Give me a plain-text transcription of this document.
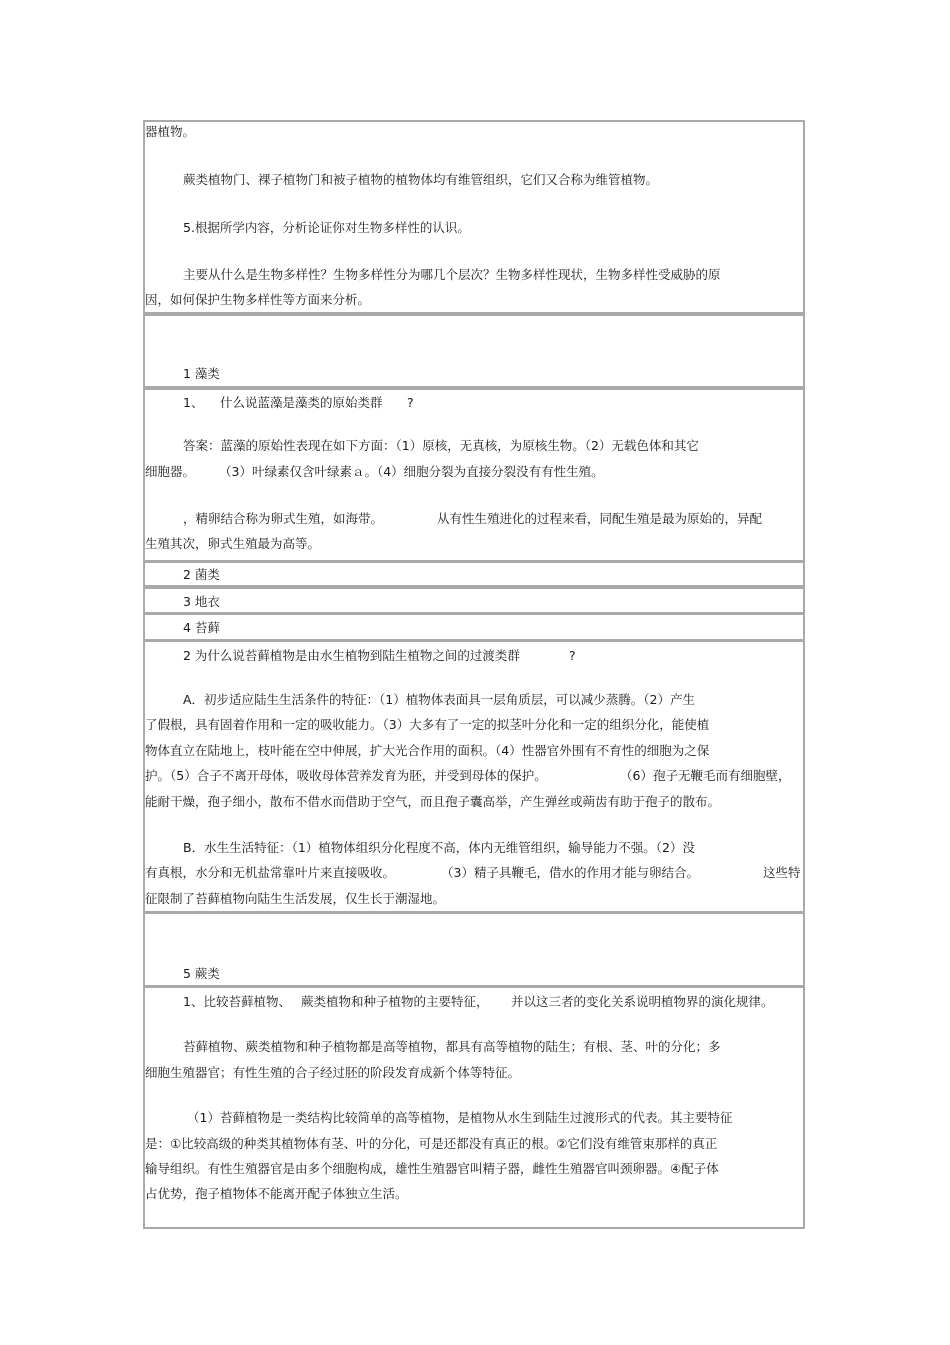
器植物。
蕨类植物门、裸子植物门和被子植物的植物体均有维管组织，它们又合称为维管植物。
5.根据所学内容，分析论证你对生物多样性的认识。
主要从什么是生物多样性？生物多样性分为哪几个层次？生物多样性现状，生物多样性受威胁的原
因，如何保护生物多样性等方面来分析。
1 藻类
1、 什么说蓝藻是藻类的原始类群 ?
答案：蓝藻的原始性表现在如下方面：（1）原核，无真核，为原核生物。（2）无载色体和其它
细胞器。 （3）叶绿素仅含叶绿素ａ。（4）细胞分裂为直接分裂没有有性生殖。
，精卵结合称为卵式生殖，如海带。	从有性生殖进化的过程来看，同配生殖是最为原始的，异配
生殖其次，卵式生殖最为高等。
2 菌类
3 地衣
4 苔藓
2 为什么说苔藓植物是由水生植物到陆生植物之间的过渡类群	?
A．初步适应陆生生活条件的特征：（1）植物体表面具一层角质层，可以减少蒸腾。（2）产生
了假根，具有固着作用和一定的吸收能力。（3）大多有了一定的拟茎叶分化和一定的组织分化，能使植
物体直立在陆地上，枝叶能在空中伸展，扩大光合作用的面积。（4）性器官外围有不育性的细胞为之保
护。（5）合子不离开母体，吸收母体营养发育为胚，并受到母体的保护。	（6）孢子无鞭毛而有细胞壁，
能耐干燥，孢子细小，散布不借水而借助于空气，而且孢子囊高举，产生弹丝或蒴齿有助于孢子的散布。
B．水生生活特征：（1）植物体组织分化程度不高，体内无维管组织，输导能力不强。（2）没
有真根，水分和无机盐常靠叶片来直接吸收。	（3）精子具鞭毛，借水的作用才能与卵结合。	这些特
征限制了苔藓植物向陆生生活发展，仅生长于潮湿地。
5 蕨类
1、比较苔藓植物、 蕨类植物和种子植物的主要特征， 并以这三者的变化关系说明植物界的演化规律。
苔藓植物、蕨类植物和种子植物都是高等植物，都具有高等植物的陆生；有根、茎、叶的分化；多
细胞生殖器官；有性生殖的合子经过胚的阶段发育成新个体等特征。
（1）苔藓植物是一类结构比较简单的高等植物，是植物从水生到陆生过渡形式的代表。其主要特征
是：①比较高级的种类其植物体有茎、叶的分化，可是还都没有真正的根。②它们没有维管束那样的真正
输导组织。有性生殖器官是由多个细胞构成，雄性生殖器官叫精子器，雌性生殖器官叫颈卵器。④配子体
占优势，孢子植物体不能离开配子体独立生活。
